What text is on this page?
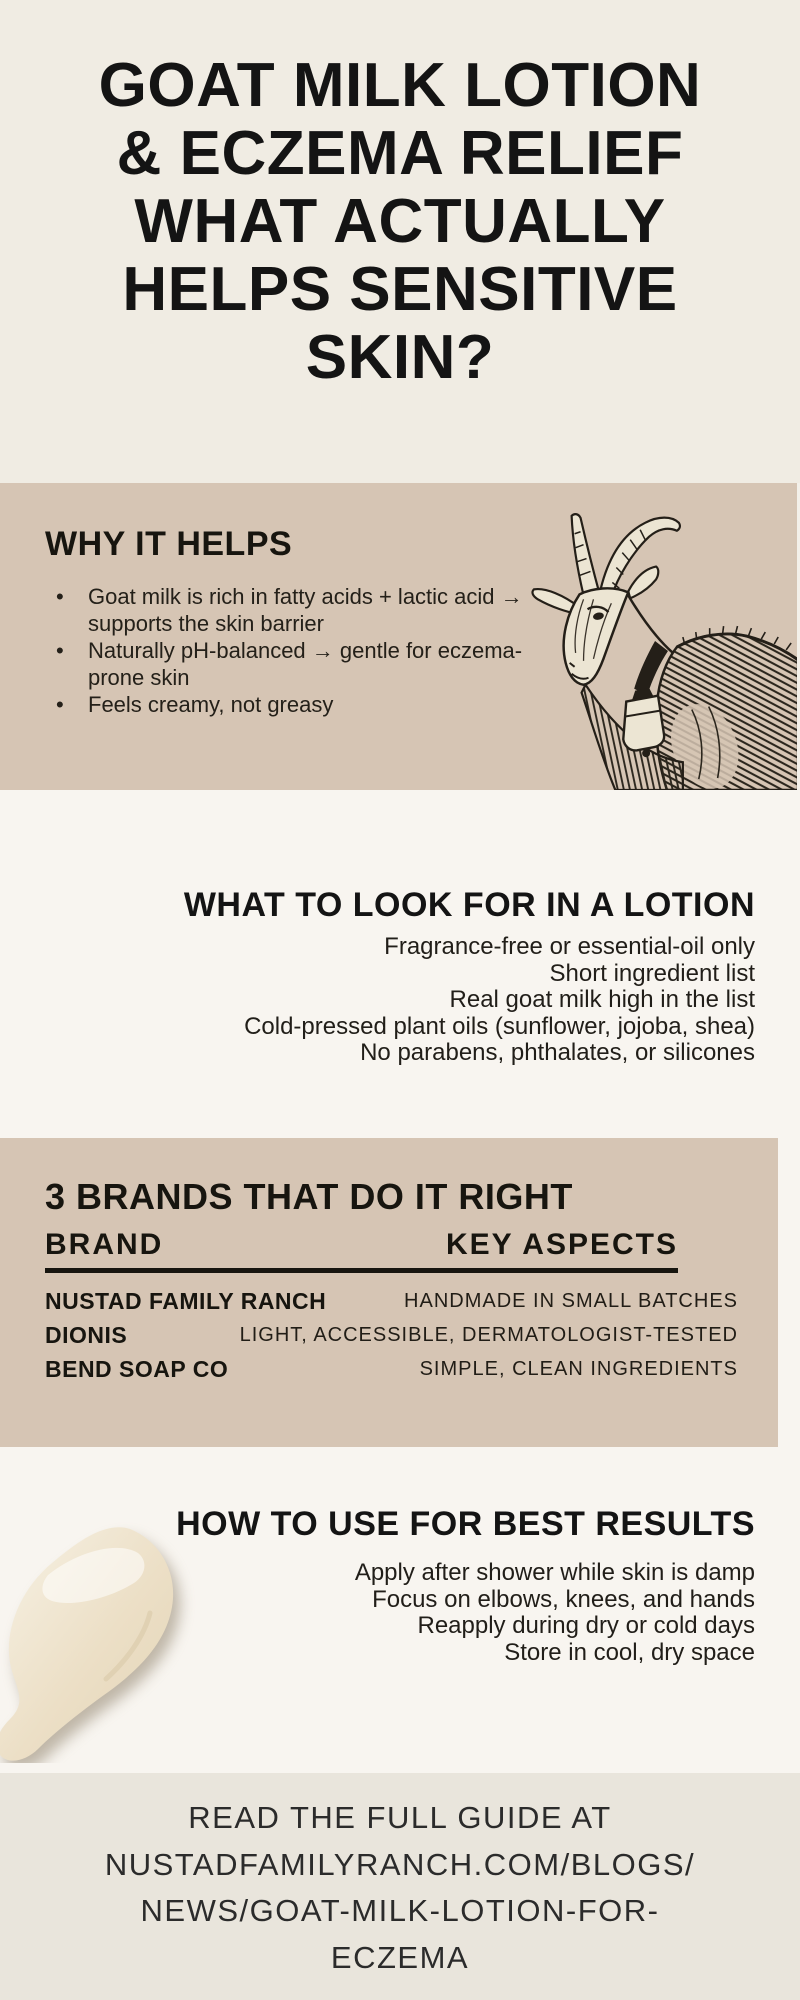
GOAT MILK LOTION
& ECZEMA RELIEF
WHAT ACTUALLY
HELPS SENSITIVE
SKIN?
WHY IT HELPS
•	Goat milk is rich in fatty acids + lactic acid → supports the skin barrier
•	Naturally pH-balanced → gentle for eczema-prone skin
•	Feels creamy, not greasy
WHAT TO LOOK FOR IN A LOTION
Fragrance-free or essential-oil only
Short ingredient list
Real goat milk high in the list
Cold-pressed plant oils (sunflower, jojoba, shea)
No parabens, phthalates, or silicones
3 BRANDS THAT DO IT RIGHT
BRAND	KEY ASPECTS
NUSTAD FAMILY RANCH	HANDMADE IN SMALL BATCHES
DIONIS	LIGHT, ACCESSIBLE, DERMATOLOGIST-TESTED
BEND SOAP CO	SIMPLE, CLEAN INGREDIENTS
HOW TO USE FOR BEST RESULTS
Apply after shower while skin is damp
Focus on elbows, knees, and hands
Reapply during dry or cold days
Store in cool, dry space
READ THE FULL GUIDE AT
NUSTADFAMILYRANCH.COM/BLOGS/
NEWS/GOAT-MILK-LOTION-FOR-
ECZEMA
